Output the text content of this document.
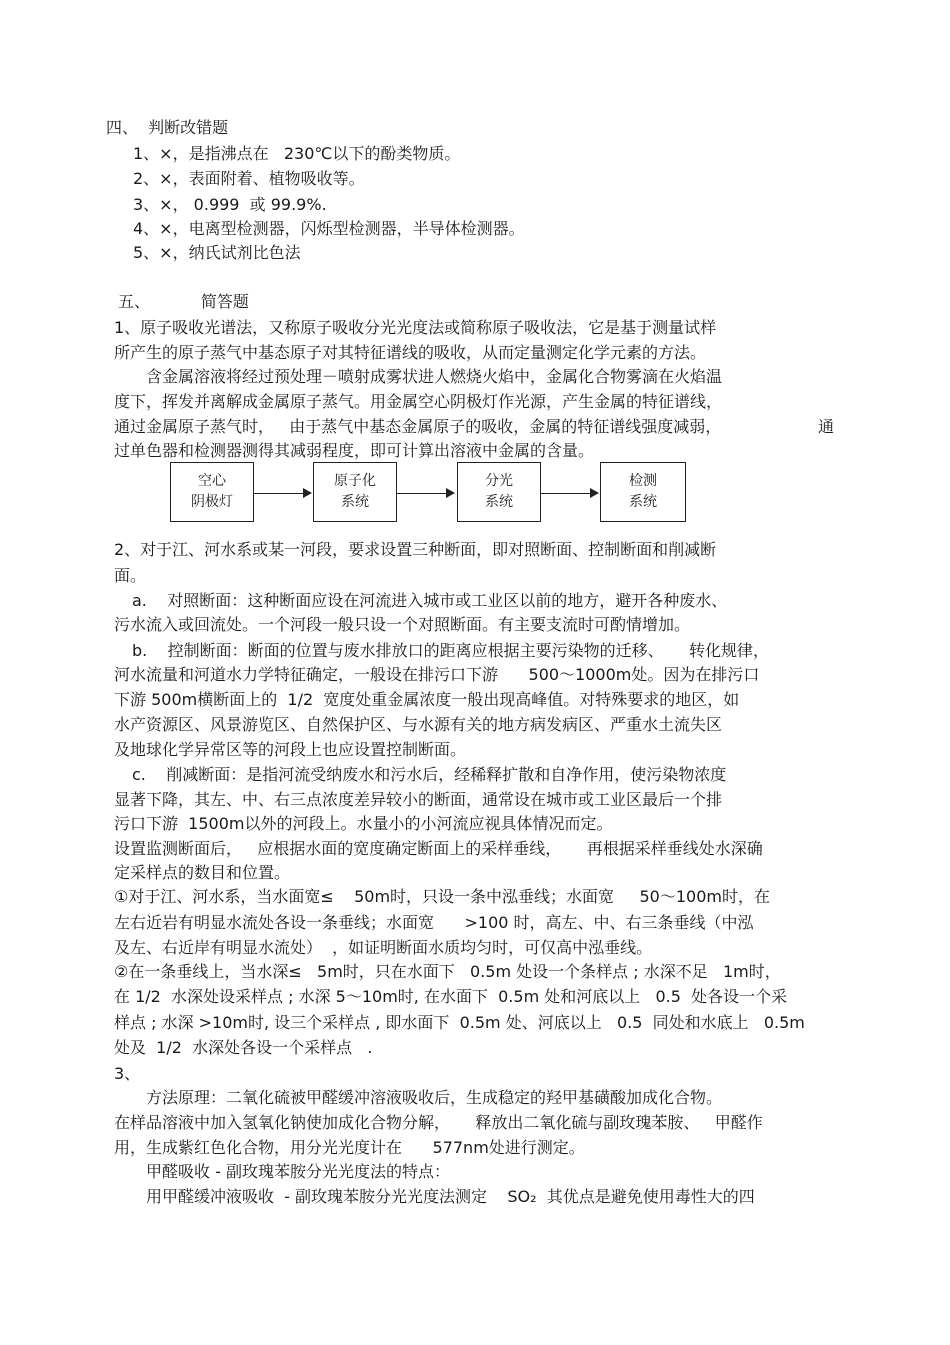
四、  判断改错题
1、×，是指沸点在   230℃以下的酚类物质。
2、×，表面附着、植物吸收等。
3、×， 0.999  或 99.9%.
4、×，电离型检测器，闪烁型检测器，半导体检测器。
5、×，纳氏试剂比色法
五、          简答题
1、原子吸收光谱法，又称原子吸收分光光度法或简称原子吸收法，它是基于测量试样
所产生的原子蒸气中基态原子对其特征谱线的吸收，从而定量测定化学元素的方法。
含金属溶液将经过预处理－喷射成雾状进人燃烧火焰中，金属化合物雾滴在火焰温
度下，挥发并离解成金属原子蒸气。用金属空心阴极灯作光源，产生金属的特征谱线，
通过金属原子蒸气时，   由于蒸气中基态金属原子的吸收，金属的特征谱线强度减弱，	通
过单色器和检测器测得其减弱程度，即可计算出溶液中金属的含量。
空心
阴极灯
原子化
系统
分光
系统
检测
系统
2、对于江、河水系或某一河段，要求设置三种断面，即对照断面、控制断面和削减断
面。
a.    对照断面：这种断面应设在河流进入城市或工业区以前的地方，避开各种废水、
污水流入或回流处。一个河段一般只设一个对照断面。有主要支流时可酌情增加。
b.    控制断面：断面的位置与废水排放口的距离应根据主要污染物的迁移、     转化规律，
河水流量和河道水力学特征确定，一般设在排污口下游      500～1000m处。因为在排污口
下游 500m横断面上的  1/2  宽度处重金属浓度一般出现高峰值。对特殊要求的地区，如
水产资源区、风景游览区、自然保护区、与水源有关的地方病发病区、严重水土流失区
及地球化学异常区等的河段上也应设置控制断面。
c.    削减断面：是指河流受纳废水和污水后，经稀释扩散和自净作用，使污染物浓度
显著下降，其左、中、右三点浓度差异较小的断面，通常设在城市或工业区最后一个排
污口下游  1500m以外的河段上。水量小的小河流应视具体情况而定。
设置监测断面后，   应根据水面的宽度确定断面上的采样垂线，     再根据采样垂线处水深确
定采样点的数目和位置。
①对于江、河水系，当水面宽≤    50m时，只设一条中泓垂线；水面宽     50～100m时，在
左右近岩有明显水流处各设一条垂线；水面宽      >100 时，高左、中、右三条垂线（中泓
及左、右近岸有明显水流处）  ，如证明断面水质均匀时，可仅高中泓垂线。
②在一条垂线上，当水深≤   5m时，只在水面下   0.5m 处设一个条样点 ; 水深不足   1m时，
在 1/2  水深处设采样点 ; 水深 5～10m时, 在水面下  0.5m 处和河底以上   0.5  处各设一个采
样点 ; 水深 >10m时, 设三个采样点 , 即水面下  0.5m 处、河底以上   0.5  同处和水底上   0.5m
处及  1/2  水深处各设一个采样点   .
3、
方法原理：二氧化硫被甲醛缓冲溶液吸收后，生成稳定的羟甲基磺酸加成化合物。
在样品溶液中加入氢氧化钠使加成化合物分解，     释放出二氧化硫与副玫瑰苯胺、   甲醛作
用，生成紫红色化合物，用分光光度计在      577nm处进行测定。
甲醛吸收 - 副玫瑰苯胺分光光度法的特点：
用甲醛缓冲液吸收  - 副玫瑰苯胺分光光度法测定    SO₂  其优点是避免使用毒性大的四
